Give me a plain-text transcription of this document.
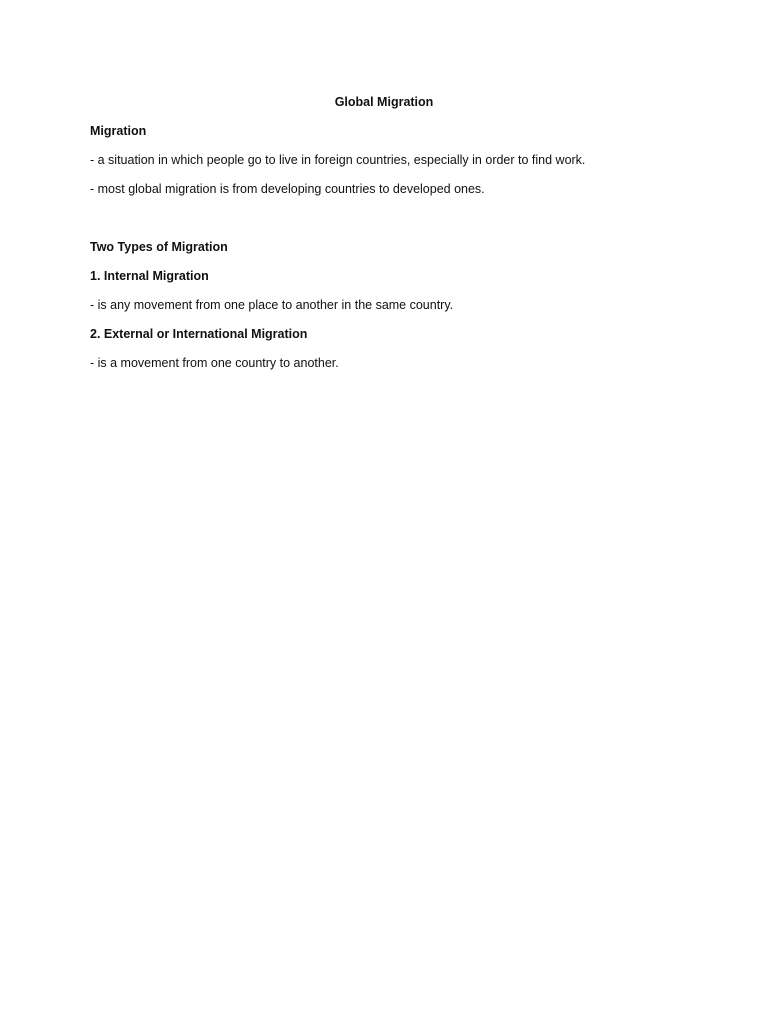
Global Migration
Migration
- a situation in which people go to live in foreign countries, especially in order to find work.
- most global migration is from developing countries to developed ones.
Two Types of Migration
1. Internal Migration
- is any movement from one place to another in the same country.
2. External or International Migration
- is a movement from one country to another.
